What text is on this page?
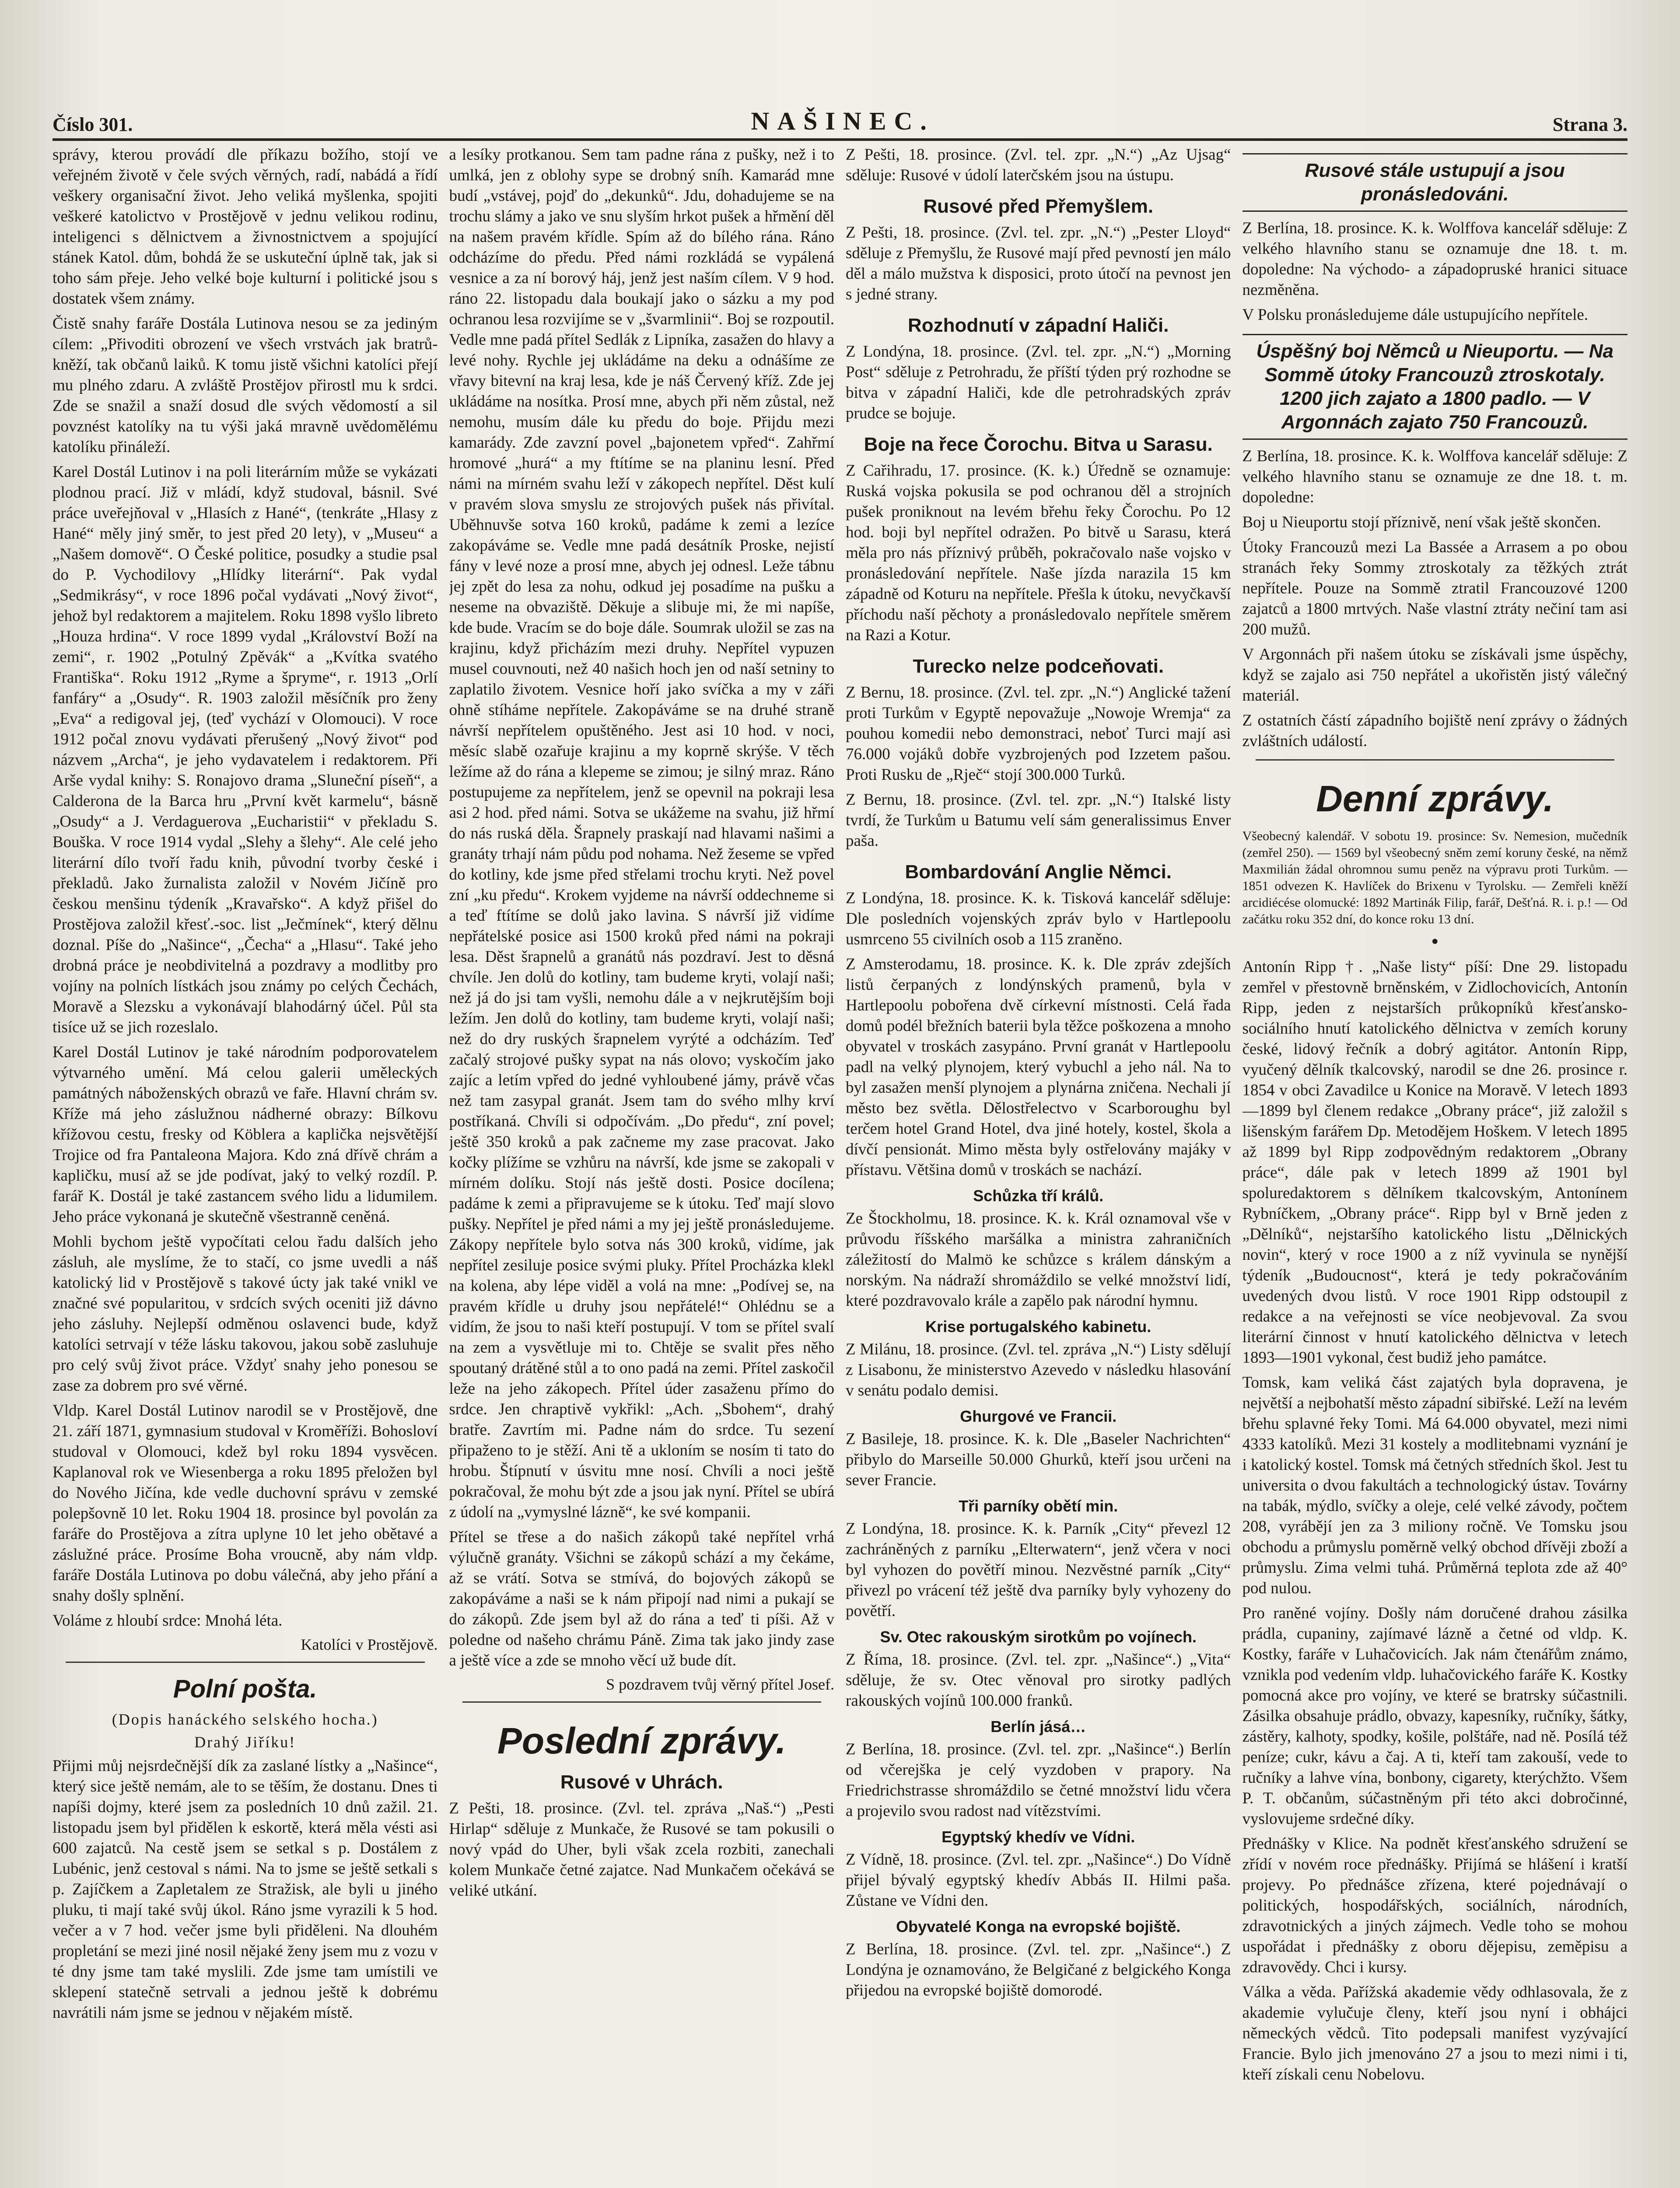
Číslo 301.	NAŠINEC.	Strana 3.

správy, kterou provádí dle příkazu božího, stojí ve veřejném životě v čele svých věrných, radí, nabádá a řídí veškery organisační život. Jeho veliká myšlenka, spojiti veškeré katolictvo v Prostějově v jednu velikou rodinu, inteligenci s dělnictvem a živnostnictvem a spojující stánek Katol. dům, bohdá že se uskuteční úplně tak, jak si toho sám přeje. Jeho velké boje kulturní i politické jsou s dostatek všem známy.

Čistě snahy faráře Dostála Lutinova nesou se za jediným cílem: „Přivoditi obrození ve všech vrstvách jak bratrů-kněží, tak občanů laiků. K tomu jistě všichni katolíci přejí mu plného zdaru. A zvláště Prostějov přirostl mu k srdci. Zde se snažil a snaží dosud dle svých vědomostí a sil povznést katolíky na tu výši jaká mravně uvědomělému katolíku přináleží.

Karel Dostál Lutinov i na poli literárním může se vykázati plodnou prací. Již v mládí, když studoval, básnil. Své práce uveřejňoval v „Hlasích z Hané“, (tenkráte „Hlasy z Hané“ měly jiný směr, to jest před 20 lety), v „Museu“ a „Našem domově“. O České politice, posudky a studie psal do P. Vychodilovy „Hlídky literární“. Pak vydal „Sedmikrásy“, v roce 1896 počal vydávati „Nový život“, jehož byl redaktorem a majitelem. Roku 1898 vyšlo libreto „Houza hrdina“. V roce 1899 vydal „Království Boží na zemi“, r. 1902 „Potulný Zpěvák“ a „Kvítka svatého Františka“. Roku 1912 „Ryme a špryme“, r. 1913 „Orlí fanfáry“ a „Osudy“. R. 1903 založil měsíčník pro ženy „Eva“ a redigoval jej, (teď vychází v Olomouci). V roce 1912 počal znovu vydávati přerušený „Nový život“ pod názvem „Archa“, je jeho vydavatelem i redaktorem. Při Arše vydal knihy: S. Ronajovo drama „Sluneční píseň“, a Calderona de la Barca hru „První květ karmelu“, básně „Osudy“ a J. Verdaguerova „Eucharistii“ v překladu S. Bouška. V roce 1914 vydal „Slehy a šlehy“. Ale celé jeho literární dílo tvoří řadu knih, původní tvorby české i překladů. Jako žurnalista založil v Novém Jičíně pro českou menšinu týdeník „Kravařsko“. A když přišel do Prostějova založil křesť.-soc. list „Ječmínek“, který dělnu doznal. Píše do „Našince“, „Čecha“ a „Hlasu“. Také jeho drobná práce je neobdivitelná a pozdravy a modlitby pro vojíny na polních lístkách jsou známy po celých Čechách, Moravě a Slezsku a vykonávají blahodárný účel. Půl sta tisíce už se jich rozeslalo.

Karel Dostál Lutinov je také národním podporovatelem výtvarného umění. Má celou galerii uměleckých památných náboženských obrazů ve faře. Hlavní chrám sv. Kříže má jeho záslužnou nádherné obrazy: Bílkovu křížovou cestu, fresky od Köblera a kaplička nejsvětější Trojice od fra Pantaleona Majora. Kdo zná dřívě chrám a kapličku, musí až se jde podívat, jaký to velký rozdíl. P. farář K. Dostál je také zastancem svého lidu a lidumilem. Jeho práce vykonaná je skutečně všestranně ceněná.

Mohli bychom ještě vypočítati celou řadu dalších jeho zásluh, ale myslíme, že to stačí, co jsme uvedli a náš katolický lid v Prostějově s takové úcty jak také vnikl ve značné své popularitou, v srdcích svých oceniti již dávno jeho zásluhy. Nejlepší odměnou oslavenci bude, když katolíci setrvají v téže lásku takovou, jakou sobě zasluhuje pro celý svůj život práce. Vždyť snahy jeho ponesou se zase za dobrem pro své věrné.

Vldp. Karel Dostál Lutinov narodil se v Prostějově, dne 21. září 1871, gymnasium studoval v Kroměříži. Bohosloví studoval v Olomouci, kdež byl roku 1894 vysvěcen. Kaplanoval rok ve Wiesenberga a roku 1895 přeložen byl do Nového Jičína, kde vedle duchovní správu v zemské polepšovně 10 let. Roku 1904 18. prosince byl povolán za faráře do Prostějova a zítra uplyne 10 let jeho obětavé a záslužné práce. Prosíme Boha vroucně, aby nám vldp. faráře Dostála Lutinova po dobu válečná, aby jeho přání a snahy došly splnění.

Voláme z hloubí srdce: Mnohá léta.

Katolíci v Prostějově.
Polní pošta.
(Dopis hanáckého selského hocha.)
Drahý Jiříku!

Přijmi můj nejsrdečnější dík za zaslané lístky a „Našince“, který sice ještě nemám, ale to se těším, že dostanu. Dnes ti napíši dojmy, které jsem za posledních 10 dnů zažil. 21. listopadu jsem byl přidělen k eskortě, která měla vésti asi 600 zajatců. Na cestě jsem se setkal s p. Dostálem z Lubénic, jenž cestoval s námi. Na to jsme se ještě setkali s p. Zajíčkem a Zapletalem ze Stražisk, ale byli u jiného pluku, ti mají také svůj úkol. Ráno jsme vyrazili k 5 hod. večer a v 7 hod. večer jsme byli přiděleni. Na dlouhém propletání se mezi jiné nosil nějaké ženy jsem mu z vozu v té dny jsme tam také myslili. Zde jsme tam umístili ve sklepení statečně setrvali a jednou ještě k dobrému navrátili nám jsme se jednou v nějakém místě.

a lesíky protkanou. Sem tam padne rána z pušky, než i to umlká, jen z oblohy sype se drobný sníh. Kamarád mne budí „vstávej, pojď do „dekunků“. Jdu, dohadujeme se na trochu slámy a jako ve snu slyším hrkot pušek a hřmění děl na našem pravém křídle. Spím až do bílého rána. Ráno odcházíme do předu. Před námi rozkládá se vypálená vesnice a za ní borový háj, jenž jest naším cílem. V 9 hod. ráno 22. listopadu dala boukají jako o sázku a my pod ochranou lesa rozvijíme se v „švarmlinii“. Boj se rozpoutil. Vedle mne padá přítel Sedlák z Lipníka, zasažen do hlavy a levé nohy. Rychle jej ukládáme na deku a odnášíme ze vřavy bitevní na kraj lesa, kde je náš Červený kříž. Zde jej ukládáme na nosítka. Prosí mne, abych při něm zůstal, než nemohu, musím dále ku předu do boje. Přijdu mezi kamarády. Zde zavzní povel „bajonetem vpřed“. Zahřmí hromové „hurá“ a my ftítíme se na planinu lesní. Před námi na mírném svahu leží v zákopech nepřítel. Děst kulí v pravém slova smyslu ze strojových pušek nás přivítal. Uběhnuvše sotva 160 kroků, padáme k zemi a lezíce zakopáváme se. Vedle mne padá desátník Proske, nejistí fány v levé noze a prosí mne, abych jej odnesl. Leže tábnu jej zpět do lesa za nohu, odkud jej posadíme na pušku a neseme na obvaziště. Děkuje a slibuje mi, že mi napíše, kde bude. Vracím se do boje dále. Soumrak uložil se zas na krajinu, když přicházím mezi druhy. Nepřítel vypuzen musel couvnouti, než 40 našich hoch jen od naší setniny to zaplatilo životem. Vesnice hoří jako svíčka a my v záři ohně stíháme nepřítele. Zakopáváme se na druhé straně návrší nepřítelem opuštěného. Jest asi 10 hod. v noci, měsíc slabě ozařuje krajinu a my koprně skrýše. V těch ležíme až do rána a klepeme se zimou; je silný mraz. Ráno postupujeme za nepřítelem, jenž se opevnil na pokraji lesa asi 2 hod. před námi. Sotva se ukážeme na svahu, již hřmí do nás ruská děla. Šrapnely praskají nad hlavami našimi a granáty trhají nám půdu pod nohama. Než žeseme se vpřed do kotliny, kde jsme před střelami trochu kryti. Než povel zní „ku předu“. Krokem vyjdeme na návrší oddechneme si a teď ftítíme se dolů jako lavina. S návrší již vidíme nepřátelské posice asi 1500 kroků před námi na pokraji lesa. Děst šrapnelů a granátů nás pozdraví. Jest to děsná chvíle. Jen dolů do kotliny, tam budeme kryti, volají naši; než já do jsi tam vyšli, nemohu dále a v nejkrutějším boji ležím. Jen dolů do kotliny, tam budeme kryti, volají naši; než do dry ruských šrapnelem vyrýté a odcházím. Teď začalý strojové pušky sypat na nás olovo; vyskočím jako zajíc a letím vpřed do jedné vyhloubené jámy, právě včas než tam zasypal granát. Jsem tam do svého mlhy krví postříkaná. Chvíli si odpočívám. „Do předu“, zní povel; ještě 350 kroků a pak začneme my zase pracovat. Jako kočky plížíme se vzhůru na návrší, kde jsme se zakopali v mírném dolíku. Stojí nás ještě dosti. Posice docílena; padáme k zemi a připravujeme se k útoku. Teď mají slovo pušky. Nepřítel je před námi a my jej ještě pronásledujeme. Zákopy nepřítele bylo sotva nás 300 kroků, vidíme, jak nepřítel zesiluje posice svými pluky. Přítel Procházka klekl na kolena, aby lépe viděl a volá na mne: „Podívej se, na pravém křídle u druhy jsou nepřátelé!“ Ohlédnu se a vidím, že jsou to naši kteří postupují. V tom se přítel svalí na zem a vysvětluje mi to. Chtěje se svalit přes něho spoutaný drátěné stůl a to ono padá na zemi. Přítel zaskočil leže na jeho zákopech. Přítel úder zasaženu přímo do srdce. Jen chraptivě vykřikl: „Ach. „Sbohem“, drahý bratře. Zavrtím mi. Padne nám do srdce. Tu sezení připaženo to je stěží. Ani tě a ukloním se nosím ti tato do hrobu. Štípnutí v úsvitu mne nosí. Chvíli a noci ještě pokračoval, že mohu být zde a jsou jak nyní. Přítel se ubírá z údolí na „vymyslné lázně“, ke své kompanii.

Přítel se třese a do našich zákopů také nepřítel vrhá výlučně granáty. Všichni se zákopů schází a my čekáme, až se vrátí. Sotva se stmívá, do bojových zákopů se zakopáváme a naši se k nám připojí nad nimi a pukají se do zákopů. Zde jsem byl až do rána a teď ti píši. Až v poledne od našeho chrámu Páně. Zima tak jako jindy zase a ještě více a zde se mnoho věcí už bude dít.

S pozdravem tvůj věrný přítel Josef.
Poslední zprávy.
Rusové v Uhrách.

Z Pešti, 18. prosince. (Zvl. tel. zpráva „Naš.“) „Pesti Hirlap“ sděluje z Munkače, že Rusové se tam pokusili o nový vpád do Uher, byli však zcela rozbiti, zanechali kolem Munkače četné zajatce. Nad Munkačem očekává se veliké utkání.

Z Pešti, 18. prosince. (Zvl. tel. zpr. „N.“) „Az Ujsag“ sděluje: Rusové v údolí laterčském jsou na ústupu.

Rusové před Přemyšlem.

Z Pešti, 18. prosince. (Zvl. tel. zpr. „N.“) „Pester Lloyd“ sděluje z Přemyšlu, že Rusové mají před pevností jen málo děl a málo mužstva k disposici, proto útočí na pevnost jen s jedné strany.

Rozhodnutí v západní Haliči.

Z Londýna, 18. prosince. (Zvl. tel. zpr. „N.“) „Morning Post“ sděluje z Petrohradu, že příští týden prý rozhodne se bitva v západní Haliči, kde dle petrohradských zpráv prudce se bojuje.

Boje na řece Čorochu. Bitva u Sarasu.

Z Cařihradu, 17. prosince. (K. k.) Úředně se oznamuje: Ruská vojska pokusila se pod ochranou děl a strojních pušek proniknout na levém břehu řeky Čorochu. Po 12 hod. boji byl nepřítel odražen. Po bitvě u Sarasu, která měla pro nás příznivý průběh, pokračovalo naše vojsko v pronásledování nepřítele. Naše jízda narazila 15 km západně od Koturu na nepřítele. Přešla k útoku, nevyčkavší příchodu naší pěchoty a pronásledovalo nepřítele směrem na Razi a Kotur.

Turecko nelze podceňovati.

Z Bernu, 18. prosince. (Zvl. tel. zpr. „N.“) Anglické tažení proti Turkům v Egyptě nepovažuje „Nowoje Wremja“ za pouhou komedii nebo demonstraci, neboť Turci mají asi 76.000 vojáků dobře vyzbrojených pod Izzetem pašou. Proti Rusku de „Rječ“ stojí 300.000 Turků.

Z Bernu, 18. prosince. (Zvl. tel. zpr. „N.“) Italské listy tvrdí, že Turkům u Batumu velí sám generalissimus Enver paša.

Bombardování Anglie Němci.

Z Londýna, 18. prosince. K. k. Tisková kancelář sděluje: Dle posledních vojenských zpráv bylo v Hartlepoolu usmrceno 55 civilních osob a 115 zraněno.

Z Amsterodamu, 18. prosince. K. k. Dle zpráv zdejších listů čerpaných z londýnských pramenů, byla v Hartlepoolu pobořena dvě církevní místnosti. Celá řada domů podél břežních baterii byla těžce poškozena a mnoho obyvatel v troskách zasypáno. První granát v Hartlepoolu padl na velký plynojem, který vybuchl a jeho nál. Na to byl zasažen menší plynojem a plynárna zničena. Nechali jí město bez světla. Dělostřelectvo v Scarboroughu byl terčem hotel Grand Hotel, dva jiné hotely, kostel, škola a dívčí pensionát. Mimo města byly ostřelovány majáky v přístavu. Většina domů v troskách se nachází.

Schůzka tří králů.

Ze Štockholmu, 18. prosince. K. k. Král oznamoval vše v průvodu říšského maršálka a ministra zahraničních záležitostí do Malmö ke schůzce s králem dánským a norským. Na nádraží shromáždilo se velké množství lidí, které pozdravovalo krále a zapělo pak národní hymnu.

Krise portugalského kabinetu.

Z Milánu, 18. prosince. (Zvl. tel. zpráva „N.“) Listy sdělují z Lisabonu, že ministerstvo Azevedo v následku hlasování v senátu podalo demisi.

Ghurgové ve Francii.

Z Basileje, 18. prosince. K. k. Dle „Baseler Nachrichten“ přibylo do Marseille 50.000 Ghurků, kteří jsou určeni na sever Francie.

Tři parníky obětí min.

Z Londýna, 18. prosince. K. k. Parník „City“ převezl 12 zachráněných z parníku „Elterwatern“, jenž včera v noci byl vyhozen do povětří minou. Nezvěstné parník „City“ přivezl po vrácení též ještě dva parníky byly vyhozeny do povětří.

Sv. Otec rakouským sirotkům po vojínech.

Z Říma, 18. prosince. (Zvl. tel. zpr. „Našince“.) „Vita“ sděluje, že sv. Otec věnoval pro sirotky padlých rakouských vojínů 100.000 franků.

Berlín jásá…

Z Berlína, 18. prosince. (Zvl. tel. zpr. „Našince“.) Berlín od včerejška je celý vyzdoben v prapory. Na Friedrichstrasse shromáždilo se četné množství lidu včera a projevilo svou radost nad vítězstvími.

Egyptský khedív ve Vídni.

Z Vídně, 18. prosince. (Zvl. tel. zpr. „Našince“.) Do Vídně přijel bývalý egyptský khedív Abbás II. Hilmi paša. Zůstane ve Vídni den.

Obyvatelé Konga na evropské bojiště.

Z Berlína, 18. prosince. (Zvl. tel. zpr. „Našince“.) Z Londýna je oznamováno, že Belgičané z belgického Konga přijedou na evropské bojiště domorodé.

Rusové stále ustupují a jsou pronásledováni.

Z Berlína, 18. prosince. K. k. Wolffova kancelář sděluje: Z velkého hlavního stanu se oznamuje dne 18. t. m. dopoledne: Na východo- a západopruské hranici situace nezměněna.

V Polsku pronásledujeme dále ustupujícího nepřítele.

Úspěšný boj Němců u Nieuportu. — Na Sommě útoky Francouzů ztroskotaly. 1200 jich zajato a 1800 padlo. — V Argonnách zajato 750 Francouzů.

Z Berlína, 18. prosince. K. k. Wolffova kancelář sděluje: Z velkého hlavního stanu se oznamuje ze dne 18. t. m. dopoledne:

Boj u Nieuportu stojí příznivě, není však ještě skončen.

Útoky Francouzů mezi La Bassée a Arrasem a po obou stranách řeky Sommy ztroskotaly za těžkých ztrát nepřítele. Pouze na Sommě ztratil Francouzové 1200 zajatců a 1800 mrtvých. Naše vlastní ztráty nečiní tam asi 200 mužů.

V Argonnách při našem útoku se získávali jsme úspěchy, když se zajalo asi 750 nepřátel a ukořistěn jistý válečný materiál.

Z ostatních částí západního bojiště není zprávy o žádných zvláštních událostí.

Denní zprávy.

Všeobecný kalendář. V sobotu 19. prosince: Sv. Nemesion, mučedník (zemřel 250). — 1569 byl všeobecný sněm zemí koruny české, na němž Maxmilián žádal ohromnou sumu peněz na výpravu proti Turkům. — 1851 odvezen K. Havlíček do Brixenu v Tyrolsku. — Zemřeli kněží arcidiécése olomucké: 1892 Martinák Filip, farář, Dešťná. R. i. p.! — Od začátku roku 352 dní, do konce roku 13 dní.

•

Antonín Ripp †. „Naše listy“ píší: Dne 29. listopadu zemřel v přestovně brněnském, v Zidlochovicích, Antonín Ripp, jeden z nejstarších průkopníků křesťansko-sociálního hnutí katolického dělnictva v zemích koruny české, lidový řečník a dobrý agitátor. Antonín Ripp, vyučený dělník tkalcovský, narodil se dne 26. prosince r. 1854 v obci Zavadilce u Konice na Moravě. V letech 1893—1899 byl členem redakce „Obrany práce“, již založil s lišenským farářem Dp. Metodějem Hoškem. V letech 1895 až 1899 byl Ripp zodpovědným redaktorem „Obrany práce“, dále pak v letech 1899 až 1901 byl spoluredaktorem s dělníkem tkalcovským, Antonínem Rybníčkem, „Obrany práce“. Ripp byl v Brně jeden z „Dělníků“, nejstaršího katolického listu „Dělnických novin“, který v roce 1900 a z níž vyvinula se nynější týdeník „Budoucnost“, která je tedy pokračováním uvedených dvou listů. V roce 1901 Ripp odstoupil z redakce a na veřejnosti se více neobjevoval. Za svou literární činnost v hnutí katolického dělnictva v letech 1893—1901 vykonal, čest budiž jeho památce.

Tomsk, kam veliká část zajatých byla dopravena, je největší a nejbohatší město západní sibiřské. Leží na levém břehu splavné řeky Tomi. Má 64.000 obyvatel, mezi nimi 4333 katolíků. Mezi 31 kostely a modlitebnami vyznání je i katolický kostel. Tomsk má četných středních škol. Jest tu universita o dvou fakultách a technologický ústav. Továrny na tabák, mýdlo, svíčky a oleje, celé velké závody, počtem 208, vyrábějí jen za 3 miliony ročně. Ve Tomsku jsou obchodu a průmyslu poměrně velký obchod dřívěji zboží a průmyslu. Zima velmi tuhá. Průměrná teplota zde až 40° pod nulou.

Pro raněné vojíny. Došly nám doručené drahou zásilka prádla, cupaniny, zajímavé lázně a četné od vldp. K. Kostky, faráře v Luhačovicích. Jak nám čtenářům známo, vznikla pod vedením vldp. luhačovického faráře K. Kostky pomocná akce pro vojíny, ve které se bratrsky súčastnili. Zásilka obsahuje prádlo, obvazy, kapesníky, ručníky, šátky, zástěry, kalhoty, spodky, košile, polštáře, nad ně. Posílá též peníze; cukr, kávu a čaj. A ti, kteří tam zakouší, vede to ručníky a lahve vína, bonbony, cigarety, kterýchžto. Všem P. T. občanům, súčastněným při této akci dobročinné, vyslovujeme srdečné díky.

Přednášky v Klice. Na podnět křesťanského sdružení se zřídí v novém roce přednášky. Přijímá se hlášení i kratší projevy. Po přednášce zřízena, které pojednávají o politických, hospodářských, sociálních, národních, zdravotnických a jiných zájmech. Vedle toho se mohou uspořádat i přednášky z oboru dějepisu, zeměpisu a zdravovědy. Chci i kursy.

Válka a věda. Pařížská akademie vědy odhlasovala, že z akademie vylučuje členy, kteří jsou nyní i obhájci německých vědců. Tito podepsali manifest vyzývající Francie. Bylo jich jmenováno 27 a jsou to mezi nimi i ti, kteří získali cenu Nobelovu.
